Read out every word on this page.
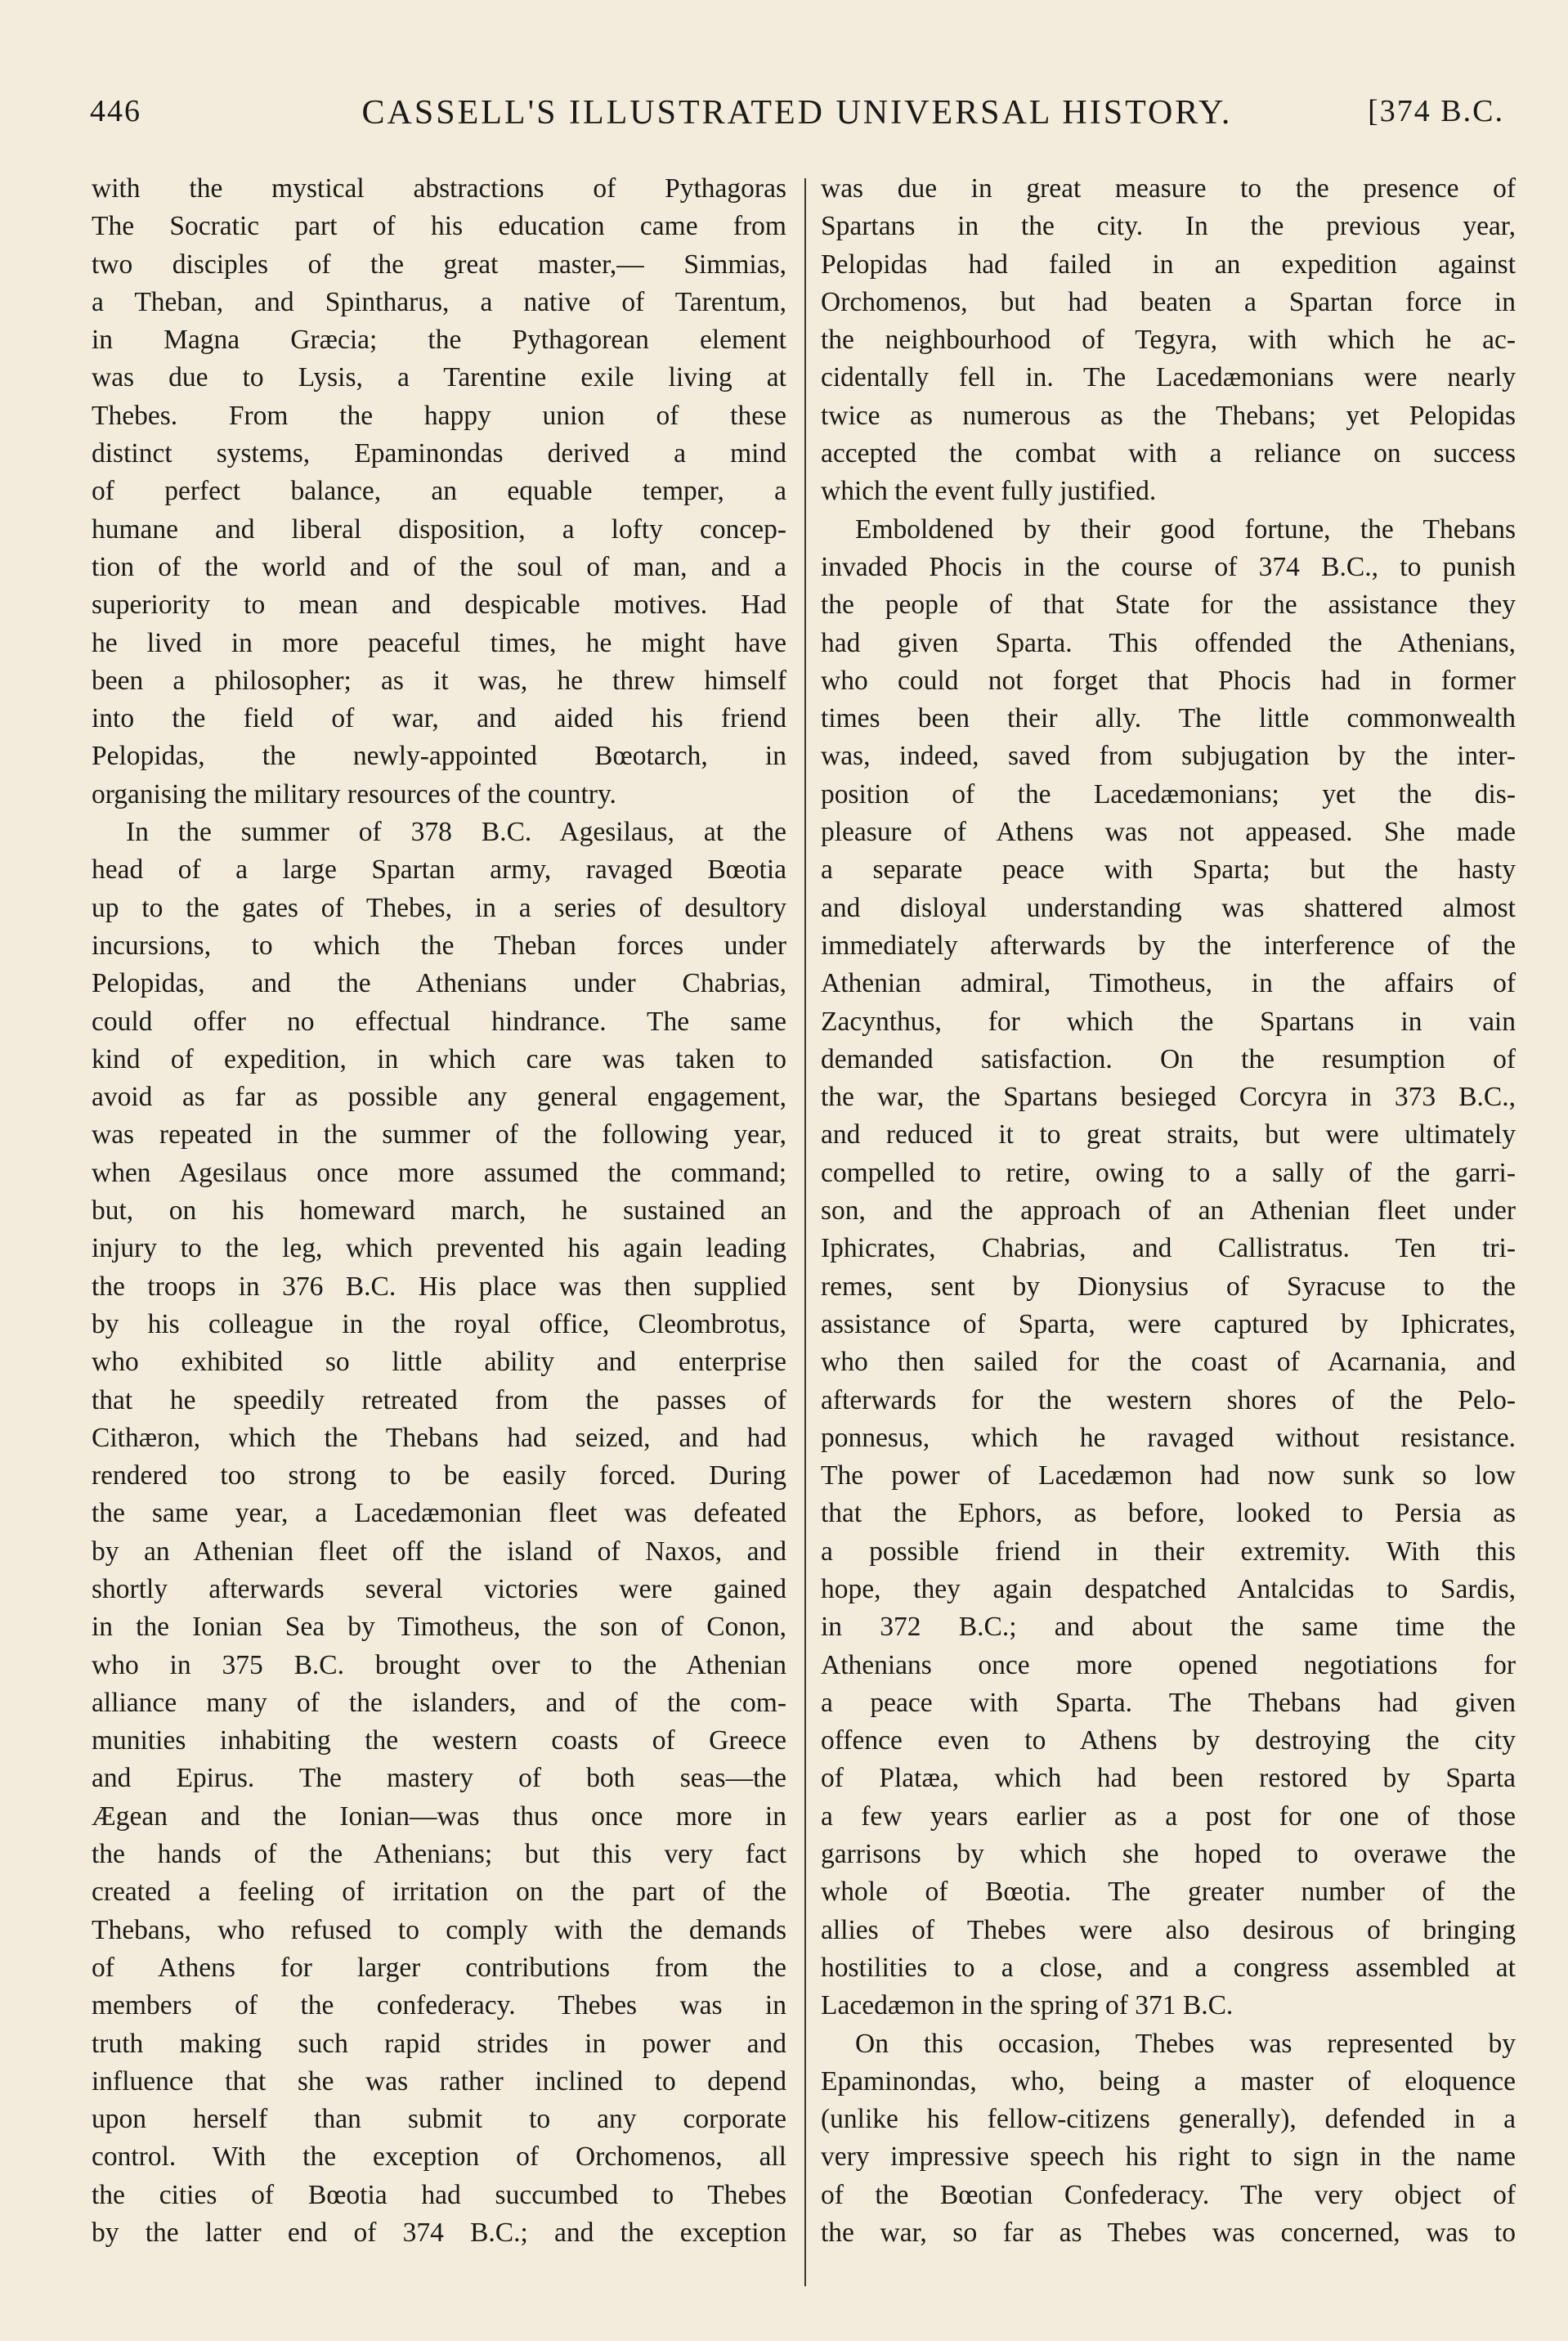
446	CASSELL'S ILLUSTRATED UNIVERSAL HISTORY.	[374 B.C.
with the mystical abstractions of Pythagoras
The Socratic part of his education came from
two disciples of the great master,— Simmias,
a Theban, and Spintharus, a native of Tarentum,
in Magna Græcia; the Pythagorean element
was due to Lysis, a Tarentine exile living at
Thebes. From the happy union of these
distinct systems, Epaminondas derived a mind
of perfect balance, an equable temper, a
humane and liberal disposition, a lofty concep-
tion of the world and of the soul of man, and a
superiority to mean and despicable motives. Had
he lived in more peaceful times, he might have
been a philosopher; as it was, he threw himself
into the field of war, and aided his friend
Pelopidas, the newly-appointed Bœotarch, in
organising the military resources of the country.
In the summer of 378 B.C. Agesilaus, at the
head of a large Spartan army, ravaged Bœotia
up to the gates of Thebes, in a series of desultory
incursions, to which the Theban forces under
Pelopidas, and the Athenians under Chabrias,
could offer no effectual hindrance. The same
kind of expedition, in which care was taken to
avoid as far as possible any general engagement,
was repeated in the summer of the following year,
when Agesilaus once more assumed the command;
but, on his homeward march, he sustained an
injury to the leg, which prevented his again leading
the troops in 376 B.C. His place was then supplied
by his colleague in the royal office, Cleombrotus,
who exhibited so little ability and enterprise
that he speedily retreated from the passes of
Cithæron, which the Thebans had seized, and had
rendered too strong to be easily forced. During
the same year, a Lacedæmonian fleet was defeated
by an Athenian fleet off the island of Naxos, and
shortly afterwards several victories were gained
in the Ionian Sea by Timotheus, the son of Conon,
who in 375 B.C. brought over to the Athenian
alliance many of the islanders, and of the com-
munities inhabiting the western coasts of Greece
and Epirus. The mastery of both seas—the
Ægean and the Ionian—was thus once more in
the hands of the Athenians; but this very fact
created a feeling of irritation on the part of the
Thebans, who refused to comply with the demands
of Athens for larger contributions from the
members of the confederacy. Thebes was in
truth making such rapid strides in power and
influence that she was rather inclined to depend
upon herself than submit to any corporate
control. With the exception of Orchomenos, all
the cities of Bœotia had succumbed to Thebes
by the latter end of 374 B.C.; and the exception
was due in great measure to the presence of
Spartans in the city. In the previous year,
Pelopidas had failed in an expedition against
Orchomenos, but had beaten a Spartan force in
the neighbourhood of Tegyra, with which he ac-
cidentally fell in. The Lacedæmonians were nearly
twice as numerous as the Thebans; yet Pelopidas
accepted the combat with a reliance on success
which the event fully justified.
Emboldened by their good fortune, the Thebans
invaded Phocis in the course of 374 B.C., to punish
the people of that State for the assistance they
had given Sparta. This offended the Athenians,
who could not forget that Phocis had in former
times been their ally. The little commonwealth
was, indeed, saved from subjugation by the inter-
position of the Lacedæmonians; yet the dis-
pleasure of Athens was not appeased. She made
a separate peace with Sparta; but the hasty
and disloyal understanding was shattered almost
immediately afterwards by the interference of the
Athenian admiral, Timotheus, in the affairs of
Zacynthus, for which the Spartans in vain
demanded satisfaction. On the resumption of
the war, the Spartans besieged Corcyra in 373 B.C.,
and reduced it to great straits, but were ultimately
compelled to retire, owing to a sally of the garri-
son, and the approach of an Athenian fleet under
Iphicrates, Chabrias, and Callistratus. Ten tri-
remes, sent by Dionysius of Syracuse to the
assistance of Sparta, were captured by Iphicrates,
who then sailed for the coast of Acarnania, and
afterwards for the western shores of the Pelo-
ponnesus, which he ravaged without resistance.
The power of Lacedæmon had now sunk so low
that the Ephors, as before, looked to Persia as
a possible friend in their extremity. With this
hope, they again despatched Antalcidas to Sardis,
in 372 B.C.; and about the same time the
Athenians once more opened negotiations for
a peace with Sparta. The Thebans had given
offence even to Athens by destroying the city
of Platæa, which had been restored by Sparta
a few years earlier as a post for one of those
garrisons by which she hoped to overawe the
whole of Bœotia. The greater number of the
allies of Thebes were also desirous of bringing
hostilities to a close, and a congress assembled at
Lacedæmon in the spring of 371 B.C.
On this occasion, Thebes was represented by
Epaminondas, who, being a master of eloquence
(unlike his fellow-citizens generally), defended in a
very impressive speech his right to sign in the name
of the Bœotian Confederacy. The very object of
the war, so far as Thebes was concerned, was to
